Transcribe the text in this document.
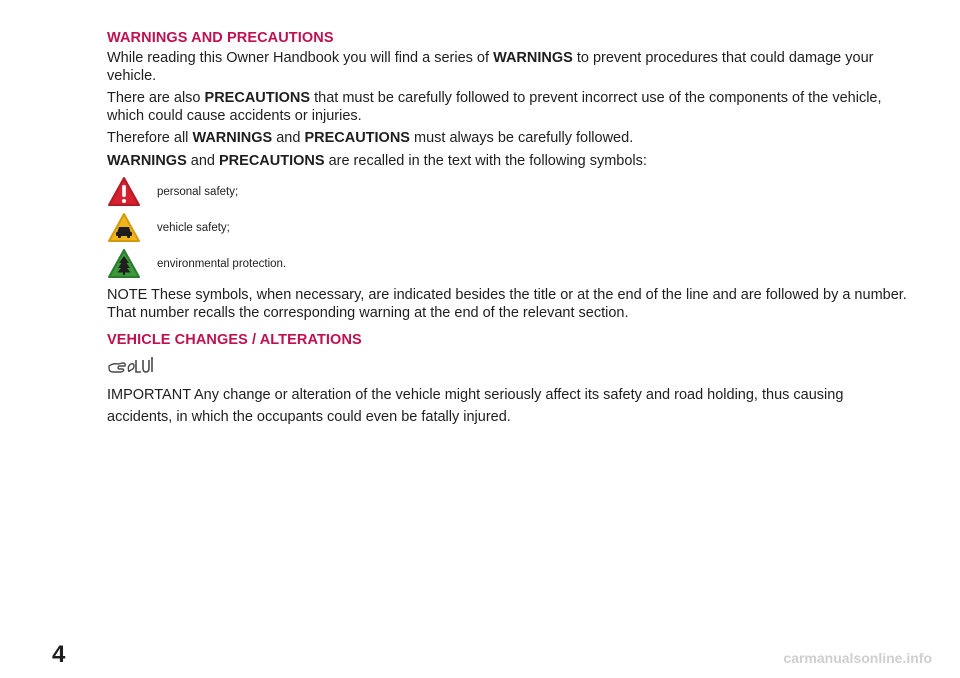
WARNINGS AND PRECAUTIONS

While reading this Owner Handbook you will find a series of WARNINGS to prevent procedures that could damage your vehicle.

There are also PRECAUTIONS that must be carefully followed to prevent incorrect use of the components of the vehicle, which could cause accidents or injuries.

Therefore all WARNINGS and PRECAUTIONS must always be carefully followed.

WARNINGS and PRECAUTIONS are recalled in the text with the following symbols:

personal safety;
vehicle safety;
environmental protection.

NOTE These symbols, when necessary, are indicated besides the title or at the end of the line and are followed by a number. That number recalls the corresponding warning at the end of the relevant section.

VEHICLE CHANGES / ALTERATIONS

IMPORTANT Any change or alteration of the vehicle might seriously affect its safety and road holding, thus causing accidents, in which the occupants could even be fatally injured.

4	carmanualsonline.info
